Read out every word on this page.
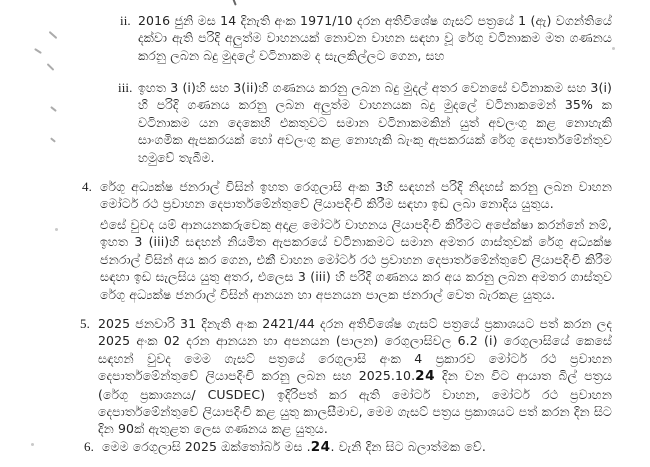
ii. 2016 ජුනි මස 14 දිනැති අංක 1971/10 දරන අතිවිශේෂ ගැසට් පත්‍රයේ 1 (ඇ) වගන්තියේ දක්වා ඇති පරිදි අලුත්ම වාහනයක් නොවන වාහන සඳහා වූ රේගු වටිනාකම මත ගණනය කරනු ලබන බදු මුදලේ වටිනාකම ද සැලකිල්ලට ගෙන, සහ
iii. ඉහත 3 (i)හි සහ 3(ii)හි ගණනය කරනු ලබන බදු මුදල් අතර වෙනසේ වටිනාකම සහ 3(i) හි පරිදි ගණනය කරනු ලබන අලුත්ම වාහනයක බදු මුදලේ වටිනාකමෙන් 35% ක වටිනාකම යන දෙකෙහි එකතුවට සමාන වටිනාකමකින් යුත් අවලංගු කළ නොහැකි සාංගමික ඇපකරයක් හෝ අවලංගු කළ නොහැකි බැංකු ඇපකරයක් රේගු දෙපාර්තමේන්තුව හමුවේ තැබීම.
4. රේගු අධ්‍යක්ෂ ජනරාල් විසින් ඉහත රෙගුලාසි අංක 3හි සඳහන් පරිදි නිදහස් කරනු ලබන වාහන මෝටර් රථ ප්‍රවාහන දෙපාර්තමේන්තුවේ ලියාපදිංචි කිරීම සඳහා ඉඩ ලබා නොදිය යුතුය.
එසේ වුවද යම් ආනයනකරුවෙකු අදාළ මෝටර් වාහනය ලියාපදිංචි කිරීමට අපේක්ෂා කරන්නේ නම්, ඉහත 3 (iii)හි සඳහන් නියමිත ඇපකරයේ වටිනාකමට සමාන අමතර ගාස්තුවක් රේගු අධ්‍යක්ෂ ජනරාල් විසින් අය කර ගෙන, එකී වාහන මෝටර් රථ ප්‍රවාහන දෙපාර්තමේන්තුවේ ලියාපදිංචි කිරීම සඳහා ඉඩ සැලසිය යුතු අතර, එලෙස 3 (iii) හි පරිදි ගණනය කර අය කරනු ලබන අමතර ගාස්තුව රේගු අධ්‍යක්ෂ ජනරාල් විසින් ආනයන හා අපනයන පාලක ජනරාල් වෙත බැරකළ යුතුය.
5. 2025 ජනවාරි 31 දිනැති අංක 2421/44 දරන අතිවිශේෂ ගැසට් පත්‍රයේ ප්‍රකාශයට පත් කරන ලද 2025 අංක 02 දරන ආනයන හා අපනයන (පාලන) රෙගුලාසිවල 6.2 (i) රෙගුලාසියේ කෙසේ සඳහන් වුවද මෙම ගැසට් පත්‍රයේ රෙගුලාසි අංක 4 ප්‍රකාරව මෝටර් රථ ප්‍රවාහන දෙපාර්තමේන්තුවේ ලියාපදිංචි කරනු ලබන සහ 2025.10.24 දින වන විට ආයාත බිල් පත්‍රය (රේගු ප්‍රකාශනය/ CUSDEC) ඉදිරිපත් කර ඇති මෝටර් වාහන, මෝටර් රථ ප්‍රවාහන දෙපාර්තමේන්තුවේ ලියාපදිංචි කළ යුතු කාලසීමාව, මෙම ගැසට් පත්‍රය ප්‍රකාශයට පත් කරන දින සිට දින 90ක් ඇතුළත ලෙස ගණනය කළ යුතුය.
6. මෙම රෙගුලාසි 2025 ඔක්තෝබර් මස .24. වැනි දින සිට බලාත්මක වේ.
